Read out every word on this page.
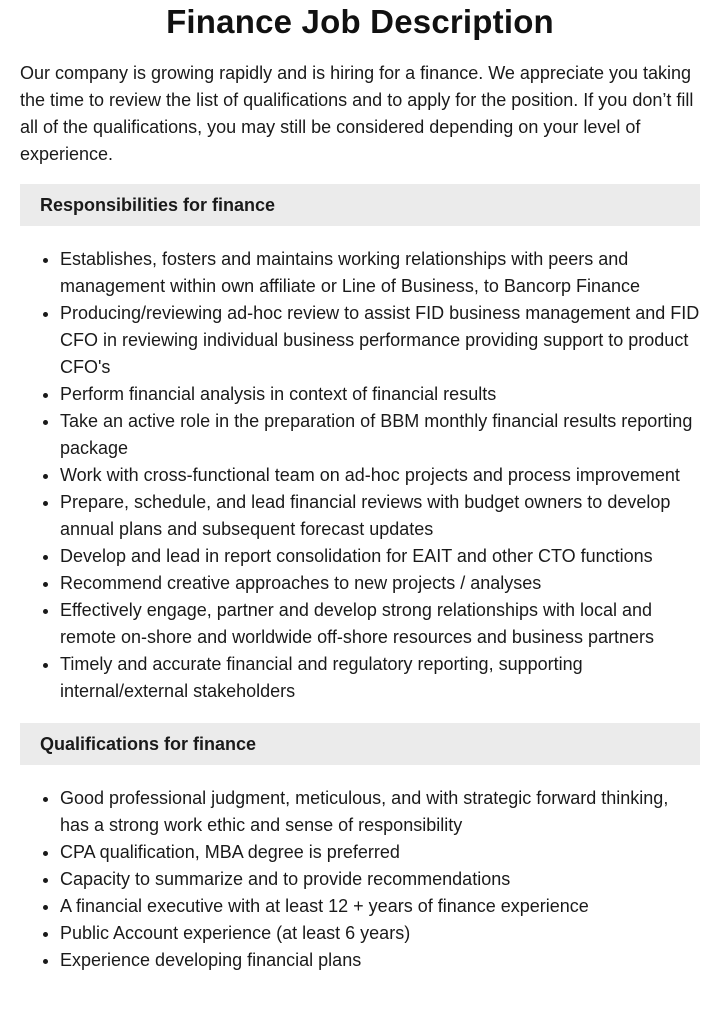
Finance Job Description

Our company is growing rapidly and is hiring for a finance. We appreciate you taking the time to review the list of qualifications and to apply for the position. If you don’t fill all of the qualifications, you may still be considered depending on your level of experience.

Responsibilities for finance
• Establishes, fosters and maintains working relationships with peers and management within own affiliate or Line of Business, to Bancorp Finance
• Producing/reviewing ad-hoc review to assist FID business management and FID CFO in reviewing individual business performance providing support to product CFO's
• Perform financial analysis in context of financial results
• Take an active role in the preparation of BBM monthly financial results reporting package
• Work with cross-functional team on ad-hoc projects and process improvement
• Prepare, schedule, and lead financial reviews with budget owners to develop annual plans and subsequent forecast updates
• Develop and lead in report consolidation for EAIT and other CTO functions
• Recommend creative approaches to new projects / analyses
• Effectively engage, partner and develop strong relationships with local and remote on-shore and worldwide off-shore resources and business partners
• Timely and accurate financial and regulatory reporting, supporting internal/external stakeholders
Qualifications for finance
• Good professional judgment, meticulous, and with strategic forward thinking, has a strong work ethic and sense of responsibility
• CPA qualification, MBA degree is preferred
• Capacity to summarize and to provide recommendations
• A financial executive with at least 12 + years of finance experience
• Public Account experience (at least 6 years)
• Experience developing financial plans
